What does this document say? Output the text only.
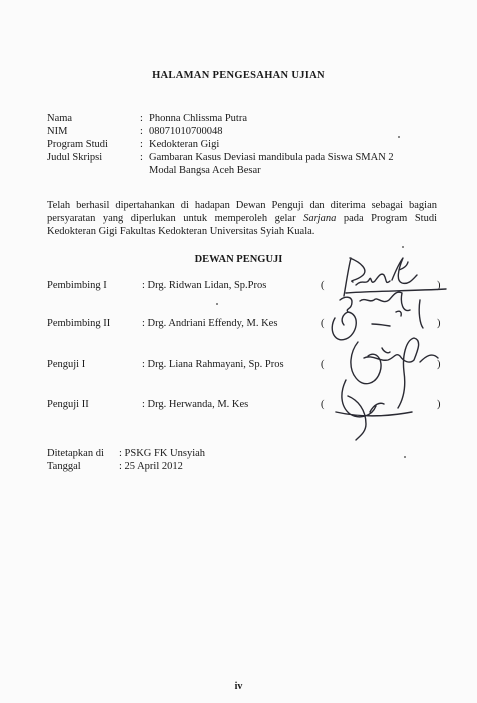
HALAMAN PENGESAHAN UJIAN
Nama	: Phonna Chlissma Putra
NIM	: 08071010700048
Program Studi	: Kedokteran Gigi
Judul Skripsi	: Gambaran Kasus Deviasi mandibula pada Siswa SMAN 2
Modal Bangsa Aceh Besar
Telah berhasil dipertahankan di hadapan Dewan Penguji dan diterima sebagai bagian persyaratan yang diperlukan untuk memperoleh gelar Sarjana pada Program Studi Kedokteran Gigi Fakultas Kedokteran Universitas Syiah Kuala.
DEWAN PENGUJI
Pembimbing I	: Drg. Ridwan Lidan, Sp.Pros	(	)
Pembimbing II	: Drg. Andriani Effendy, M. Kes	(	)
Penguji I	: Drg. Liana Rahmayani, Sp. Pros	(	)
Penguji II	: Drg. Herwanda, M. Kes	(	)
Ditetapkan di	: PSKG FK Unsyiah
Tanggal	: 25 April 2012
iv
